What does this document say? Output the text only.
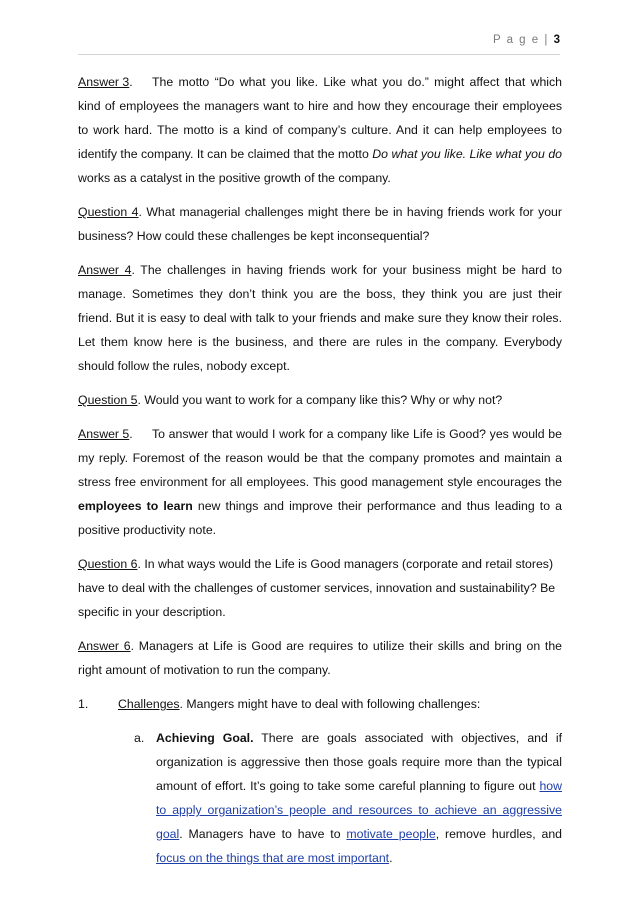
P a g e | 3

Answer 3. The motto “Do what you like. Like what you do.” might affect that which kind of employees the managers want to hire and how they encourage their employees to work hard. The motto is a kind of company’s culture. And it can help employees to identify the company. It can be claimed that the motto Do what you like. Like what you do works as a catalyst in the positive growth of the company.

Question 4. What managerial challenges might there be in having friends work for your business? How could these challenges be kept inconsequential?

Answer 4. The challenges in having friends work for your business might be hard to manage. Sometimes they don’t think you are the boss, they think you are just their friend. But it is easy to deal with talk to your friends and make sure they know their roles. Let them know here is the business, and there are rules in the company. Everybody should follow the rules, nobody except.

Question 5. Would you want to work for a company like this? Why or why not?

Answer 5. To answer that would I work for a company like Life is Good? yes would be my reply. Foremost of the reason would be that the company promotes and maintain a stress free environment for all employees. This good management style encourages the employees to learn new things and improve their performance and thus leading to a positive productivity note.

Question 6. In what ways would the Life is Good managers (corporate and retail stores) have to deal with the challenges of customer services, innovation and sustainability? Be specific in your description.

Answer 6. Managers at Life is Good are requires to utilize their skills and bring on the right amount of motivation to run the company.

1.	Challenges. Mangers might have to deal with following challenges:
a. Achieving Goal. There are goals associated with objectives, and if organization is aggressive then those goals require more than the typical amount of effort. It’s going to take some careful planning to figure out how to apply organization’s people and resources to achieve an aggressive goal. Managers have to have to motivate people, remove hurdles, and focus on the things that are most important.
